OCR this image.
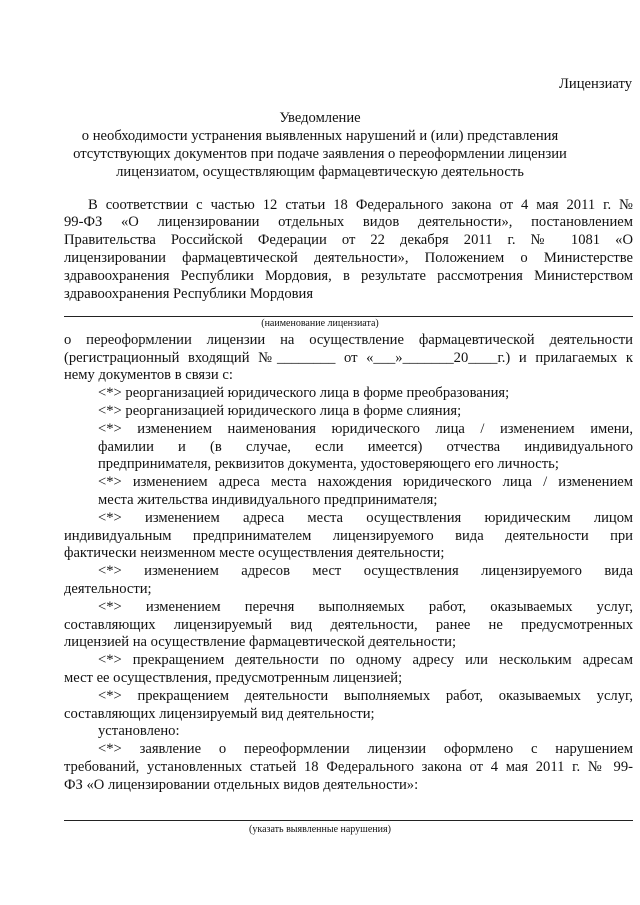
Лицензиату
Уведомление
о необходимости устранения выявленных нарушений и (или) представления
отсутствующих документов при подаче заявления о переоформлении лицензии
лицензиатом, осуществляющим фармацевтическую деятельность
В соответствии с частью 12 статьи 18 Федерального закона от 4 мая 2011 г. №
99-ФЗ «О лицензировании отдельных видов деятельности», постановлением
Правительства Российской Федерации от 22 декабря 2011 г. № 1081 «О
лицензировании фармацевтической деятельности», Положением о Министерстве
здравоохранения Республики Мордовия, в результате рассмотрения Министерством
здравоохранения Республики Мордовия
(наименование лицензиата)
о переоформлении лицензии на осуществление фармацевтической деятельности
(регистрационный входящий №________ от «___»_______20____г.) и прилагаемых к
нему документов в связи с:
<*> реорганизацией юридического лица в форме преобразования;
<*> реорганизацией юридического лица в форме слияния;
<*> изменением наименования юридического лица / изменением имени,
фамилии и (в случае, если имеется) отчества индивидуального
предпринимателя, реквизитов документа, удостоверяющего его личность;
<*> изменением адреса места нахождения юридического лица / изменением
места жительства индивидуального предпринимателя;
<*> изменением адреса места осуществления юридическим лицом
индивидуальным предпринимателем лицензируемого вида деятельности при
фактически неизменном месте осуществления деятельности;
<*> изменением адресов мест осуществления лицензируемого вида
деятельности;
<*> изменением перечня выполняемых работ, оказываемых услуг,
составляющих лицензируемый вид деятельности, ранее не предусмотренных
лицензией на осуществление фармацевтической деятельности;
<*> прекращением деятельности по одному адресу или нескольким адресам
мест ее осуществления, предусмотренным лицензией;
<*> прекращением деятельности выполняемых работ, оказываемых услуг,
составляющих лицензируемый вид деятельности;
установлено:
<*> заявление о переоформлении лицензии оформлено с нарушением
требований, установленных статьей 18 Федерального закона от 4 мая 2011 г. № 99-
ФЗ «О лицензировании отдельных видов деятельности»:
(указать выявленные нарушения)
